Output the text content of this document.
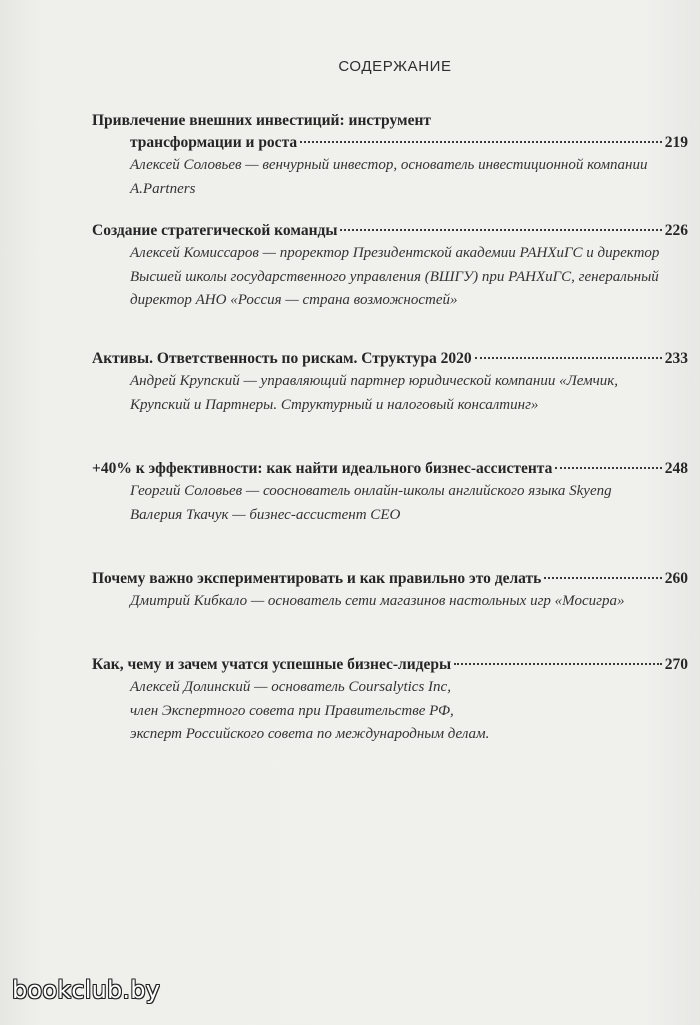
СОДЕРЖАНИЕ
Привлечение внешних инвестиций: инструмент
трансформации и роста	219
Алексей Соловьев — венчурный инвестор, основатель инвестиционной компании A.Partners
Создание стратегической команды	226
Алексей Комиссаров — проректор Президентской академии РАНХиГС и директор Высшей школы государственного управления (ВШГУ) при РАНХиГС, генеральный директор АНО «Россия — страна возможностей»
Активы. Ответственность по рискам. Структура 2020	233
Андрей Крупский — управляющий партнер юридической компании «Лемчик, Крупский и Партнеры. Структурный и налоговый консалтинг»
+40% к эффективности: как найти идеального бизнес-ассистента	248
Георгий Соловьев — сооснователь онлайн-школы английского языка Skyeng
Валерия Ткачук — бизнес-ассистент CEO
Почему важно экспериментировать и как правильно это делать	260
Дмитрий Кибкало — основатель сети магазинов настольных игр «Мосигра»
Как, чему и зачем учатся успешные бизнес-лидеры	270
Алексей Долинский — основатель Coursalytics Inc,
член Экспертного совета при Правительстве РФ,
эксперт Российского совета по международным делам.
bookclub.by
